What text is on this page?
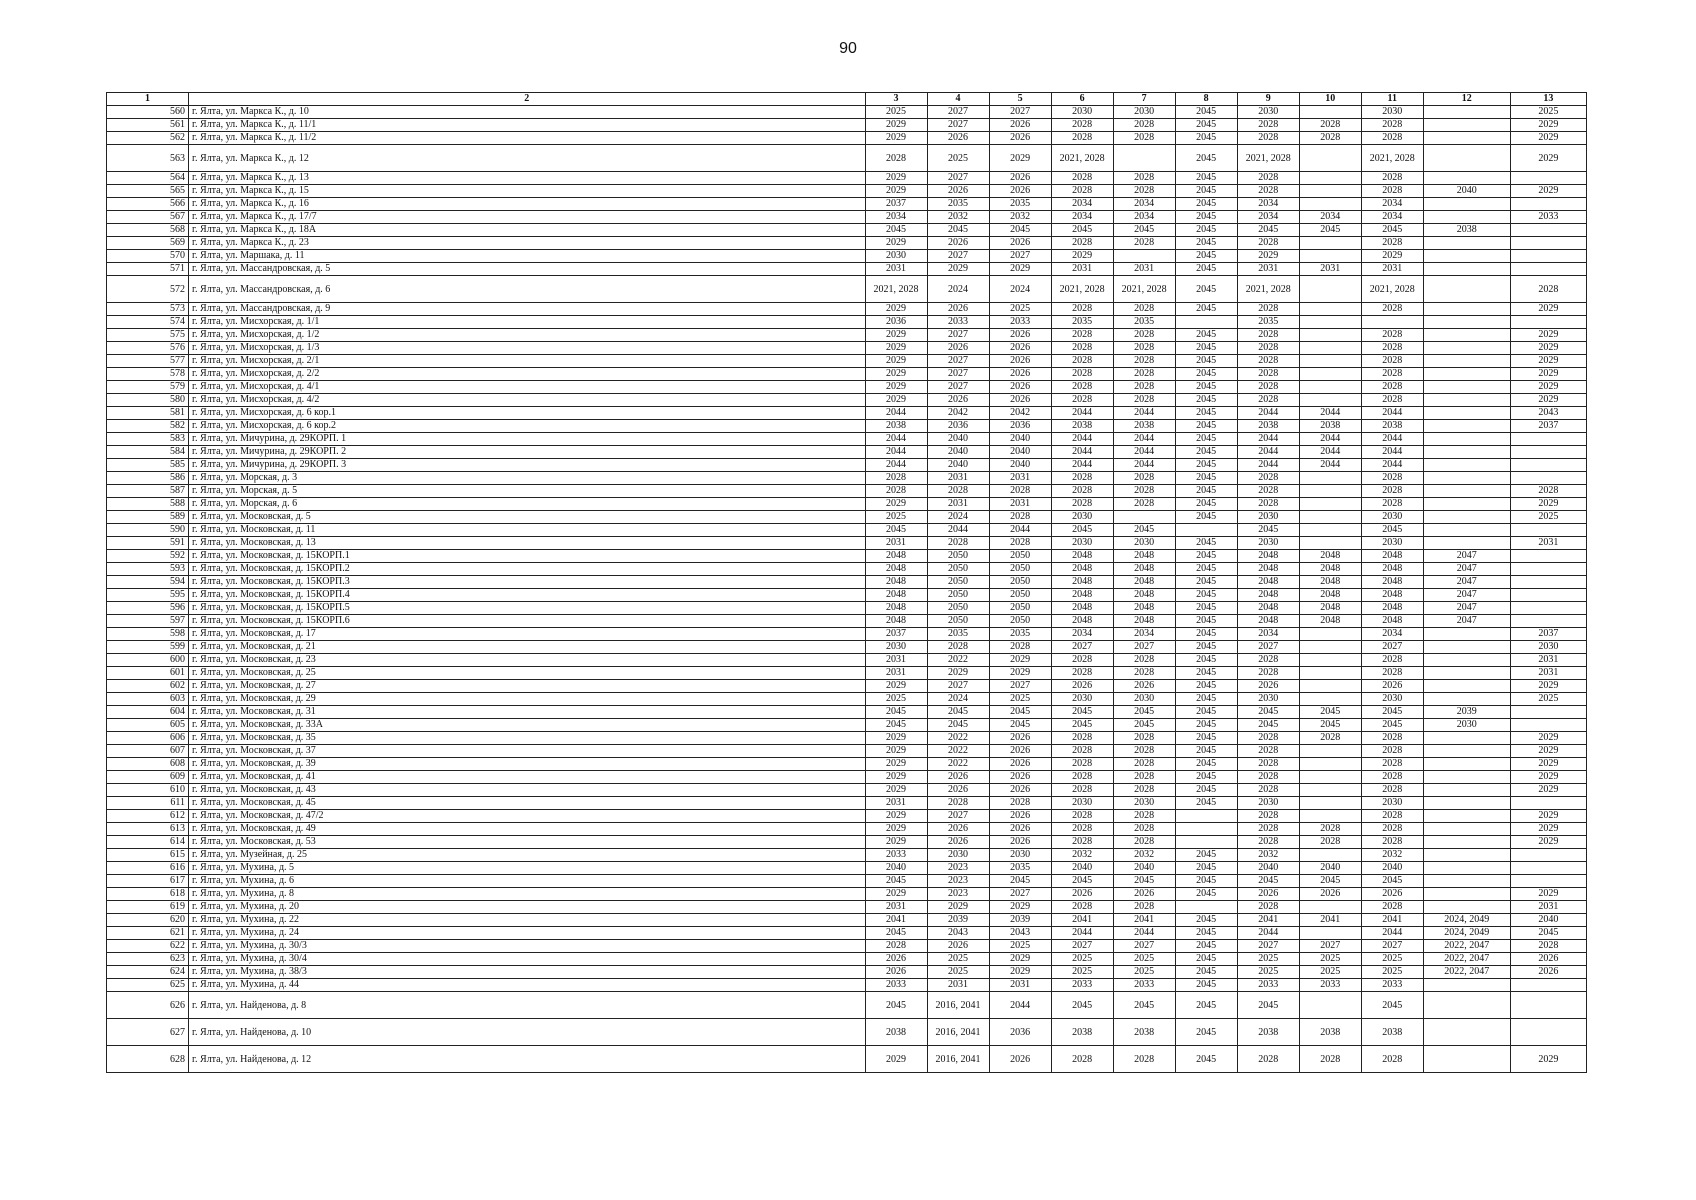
90
1	2	3	4	5	6	7	8	9	10	11	12	13
560	г. Ялта, ул. Маркса К., д. 10	2025	2027	2027	2030	2030	2045	2030		2030		2025
561	г. Ялта, ул. Маркса К., д. 11/1	2029	2027	2026	2028	2028	2045	2028	2028	2028		2029
562	г. Ялта, ул. Маркса К., д. 11/2	2029	2026	2026	2028	2028	2045	2028	2028	2028		2029
563	г. Ялта, ул. Маркса К., д. 12	2028	2025	2029	2021, 2028		2045	2021, 2028		2021, 2028		2029
564	г. Ялта, ул. Маркса К., д. 13	2029	2027	2026	2028	2028	2045	2028		2028		
565	г. Ялта, ул. Маркса К., д. 15	2029	2026	2026	2028	2028	2045	2028		2028	2040	2029
566	г. Ялта, ул. Маркса К., д. 16	2037	2035	2035	2034	2034	2045	2034		2034		
567	г. Ялта, ул. Маркса К., д. 17/7	2034	2032	2032	2034	2034	2045	2034	2034	2034		2033
568	г. Ялта, ул. Маркса К., д. 18А	2045	2045	2045	2045	2045	2045	2045	2045	2045	2038	
569	г. Ялта, ул. Маркса К., д. 23	2029	2026	2026	2028	2028	2045	2028		2028		
570	г. Ялта, ул. Маршака, д. 11	2030	2027	2027	2029		2045	2029		2029		
571	г. Ялта, ул. Массандровская, д. 5	2031	2029	2029	2031	2031	2045	2031	2031	2031		
572	г. Ялта, ул. Массандровская, д. 6	2021, 2028	2024	2024	2021, 2028	2021, 2028	2045	2021, 2028		2021, 2028		2028
573	г. Ялта, ул. Массандровская, д. 9	2029	2026	2025	2028	2028	2045	2028		2028		2029
574	г. Ялта, ул. Мисхорская, д. 1/1	2036	2033	2033	2035	2035		2035				
575	г. Ялта, ул. Мисхорская, д. 1/2	2029	2027	2026	2028	2028	2045	2028		2028		2029
576	г. Ялта, ул. Мисхорская, д. 1/3	2029	2026	2026	2028	2028	2045	2028		2028		2029
577	г. Ялта, ул. Мисхорская, д. 2/1	2029	2027	2026	2028	2028	2045	2028		2028		2029
578	г. Ялта, ул. Мисхорская, д. 2/2	2029	2027	2026	2028	2028	2045	2028		2028		2029
579	г. Ялта, ул. Мисхорская, д. 4/1	2029	2027	2026	2028	2028	2045	2028		2028		2029
580	г. Ялта, ул. Мисхорская, д. 4/2	2029	2026	2026	2028	2028	2045	2028		2028		2029
581	г. Ялта, ул. Мисхорская, д. 6 кор.1	2044	2042	2042	2044	2044	2045	2044	2044	2044		2043
582	г. Ялта, ул. Мисхорская, д. 6 кор.2	2038	2036	2036	2038	2038	2045	2038	2038	2038		2037
583	г. Ялта, ул. Мичурина, д. 29КОРП. 1	2044	2040	2040	2044	2044	2045	2044	2044	2044		
584	г. Ялта, ул. Мичурина, д. 29КОРП. 2	2044	2040	2040	2044	2044	2045	2044	2044	2044		
585	г. Ялта, ул. Мичурина, д. 29КОРП. 3	2044	2040	2040	2044	2044	2045	2044	2044	2044		
586	г. Ялта, ул. Морская, д. 3	2028	2031	2031	2028	2028	2045	2028		2028		
587	г. Ялта, ул. Морская, д. 5	2028	2028	2028	2028	2028	2045	2028		2028		2028
588	г. Ялта, ул. Морская, д. 6	2029	2031	2031	2028	2028	2045	2028		2028		2029
589	г. Ялта, ул. Московская, д. 5	2025	2024	2028	2030		2045	2030		2030		2025
590	г. Ялта, ул. Московская, д. 11	2045	2044	2044	2045	2045		2045		2045		
591	г. Ялта, ул. Московская, д. 13	2031	2028	2028	2030	2030	2045	2030		2030		2031
592	г. Ялта, ул. Московская, д. 15КОРП.1	2048	2050	2050	2048	2048	2045	2048	2048	2048	2047	
593	г. Ялта, ул. Московская, д. 15КОРП.2	2048	2050	2050	2048	2048	2045	2048	2048	2048	2047	
594	г. Ялта, ул. Московская, д. 15КОРП.3	2048	2050	2050	2048	2048	2045	2048	2048	2048	2047	
595	г. Ялта, ул. Московская, д. 15КОРП.4	2048	2050	2050	2048	2048	2045	2048	2048	2048	2047	
596	г. Ялта, ул. Московская, д. 15КОРП.5	2048	2050	2050	2048	2048	2045	2048	2048	2048	2047	
597	г. Ялта, ул. Московская, д. 15КОРП.6	2048	2050	2050	2048	2048	2045	2048	2048	2048	2047	
598	г. Ялта, ул. Московская, д. 17	2037	2035	2035	2034	2034	2045	2034		2034		2037
599	г. Ялта, ул. Московская, д. 21	2030	2028	2028	2027	2027	2045	2027		2027		2030
600	г. Ялта, ул. Московская, д. 23	2031	2022	2029	2028	2028	2045	2028		2028		2031
601	г. Ялта, ул. Московская, д. 25	2031	2029	2029	2028	2028	2045	2028		2028		2031
602	г. Ялта, ул. Московская, д. 27	2029	2027	2027	2026	2026	2045	2026		2026		2029
603	г. Ялта, ул. Московская, д. 29	2025	2024	2025	2030	2030	2045	2030		2030		2025
604	г. Ялта, ул. Московская, д. 31	2045	2045	2045	2045	2045	2045	2045	2045	2045	2039	
605	г. Ялта, ул. Московская, д. 33А	2045	2045	2045	2045	2045	2045	2045	2045	2045	2030	
606	г. Ялта, ул. Московская, д. 35	2029	2022	2026	2028	2028	2045	2028	2028	2028		2029
607	г. Ялта, ул. Московская, д. 37	2029	2022	2026	2028	2028	2045	2028		2028		2029
608	г. Ялта, ул. Московская, д. 39	2029	2022	2026	2028	2028	2045	2028		2028		2029
609	г. Ялта, ул. Московская, д. 41	2029	2026	2026	2028	2028	2045	2028		2028		2029
610	г. Ялта, ул. Московская, д. 43	2029	2026	2026	2028	2028	2045	2028		2028		2029
611	г. Ялта, ул. Московская, д. 45	2031	2028	2028	2030	2030	2045	2030		2030		
612	г. Ялта, ул. Московская, д. 47/2	2029	2027	2026	2028	2028		2028		2028		2029
613	г. Ялта, ул. Московская, д. 49	2029	2026	2026	2028	2028		2028	2028	2028		2029
614	г. Ялта, ул. Московская, д. 53	2029	2026	2026	2028	2028		2028	2028	2028		2029
615	г. Ялта, ул. Музейная, д. 25	2033	2030	2030	2032	2032	2045	2032		2032		
616	г. Ялта, ул. Мухина, д. 5	2040	2023	2035	2040	2040	2045	2040	2040	2040		
617	г. Ялта, ул. Мухина, д. 6	2045	2023	2045	2045	2045	2045	2045	2045	2045		
618	г. Ялта, ул. Мухина, д. 8	2029	2023	2027	2026	2026	2045	2026	2026	2026		2029
619	г. Ялта, ул. Мухина, д. 20	2031	2029	2029	2028	2028		2028		2028		2031
620	г. Ялта, ул. Мухина, д. 22	2041	2039	2039	2041	2041	2045	2041	2041	2041	2024, 2049	2040
621	г. Ялта, ул. Мухина, д. 24	2045	2043	2043	2044	2044	2045	2044		2044	2024, 2049	2045
622	г. Ялта, ул. Мухина, д. 30/3	2028	2026	2025	2027	2027	2045	2027	2027	2027	2022, 2047	2028
623	г. Ялта, ул. Мухина, д. 30/4	2026	2025	2029	2025	2025	2045	2025	2025	2025	2022, 2047	2026
624	г. Ялта, ул. Мухина, д. 38/3	2026	2025	2029	2025	2025	2045	2025	2025	2025	2022, 2047	2026
625	г. Ялта, ул. Мухина, д. 44	2033	2031	2031	2033	2033	2045	2033	2033	2033		
626	г. Ялта, ул. Найденова, д. 8	2045	2016, 2041	2044	2045	2045	2045	2045		2045		
627	г. Ялта, ул. Найденова, д. 10	2038	2016, 2041	2036	2038	2038	2045	2038	2038	2038		
628	г. Ялта, ул. Найденова, д. 12	2029	2016, 2041	2026	2028	2028	2045	2028	2028	2028		2029
